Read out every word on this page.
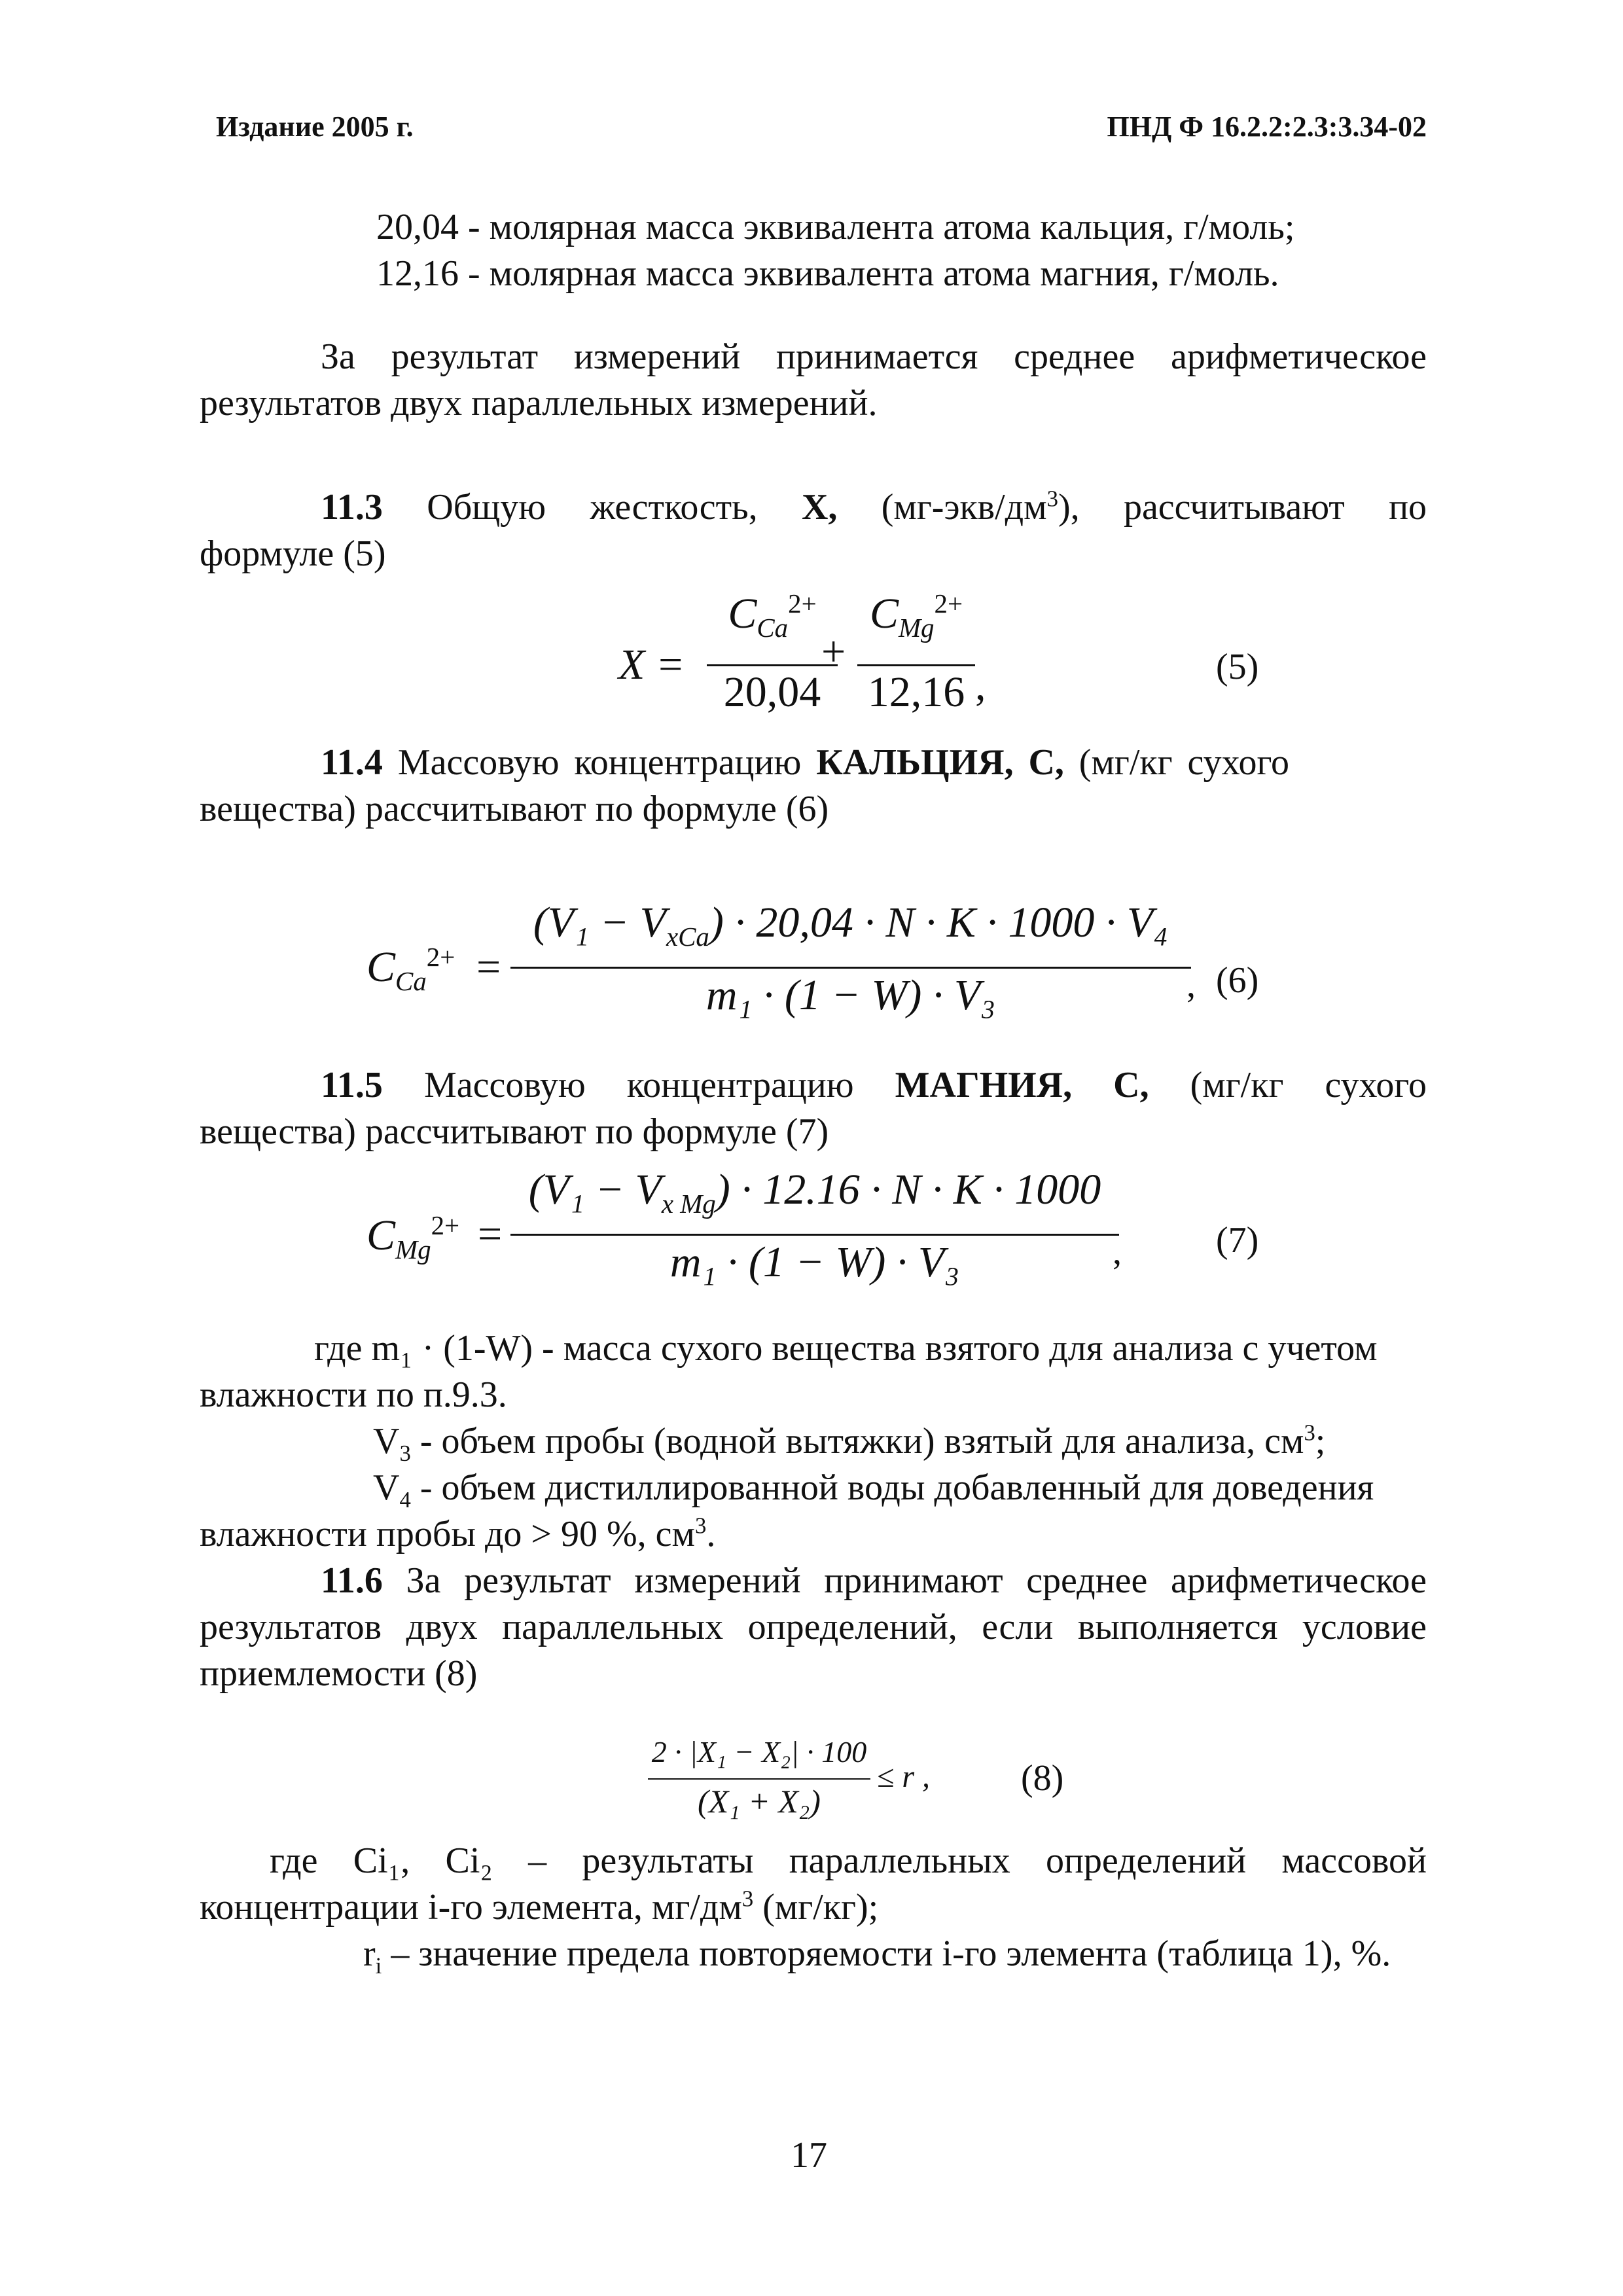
Издание 2005 г.	ПНД Ф 16.2.2:2.3:3.34-02
20,04 - молярная масса эквивалента атома кальция, г/моль;
12,16 - молярная масса эквивалента атома магния, г/моль.
За результат измерений принимается среднее арифметическое
результатов двух параллельных измерений.
11.3 Общую жесткость, X, $(мг-экв/дм^3)$, рассчитывают по
формуле (5)
X =
$C_{Ca}^{2+}$
20,04
+
$C_{Mg}^{2+}$
12,16 ,	(5)
11.4 Массовую концентрацию КАЛЬЦИЯ, С, (мг/кг сухого
вещества) рассчитывают по формуле (6)
$C_{Ca}^{2+}$ =
$(V_1 - V_{xCa}) \cdot 20,04 \cdot N \cdot K \cdot 1000 \cdot V_4$
m₁ · (1 − W) · V₃	, (6)
11.5 Массовую концентрацию МАГНИЯ, С, (мг/кг сухого
вещества) рассчитывают по формуле (7)
$C_{Mg}^{2+}$ =
$(V_1 - V_{x Mg}) \cdot 12.16 \cdot N \cdot K \cdot 1000$
m₁ · (1 − W) · V₃	,	(7)
где m₁ · (1-W) - масса сухого вещества взятого для анализа с учетом
влажности по п.9.3.
$V_3$ - объем пробы (водной вытяжки) взятый для анализа, $см^3$;
$V_4$ - объем дистиллированной воды добавленный для доведения
влажности пробы до > 90 %, $см^3$.
11.6 За результат измерений принимают среднее арифметическое
результатов двух параллельных определений, если выполняется условие
приемлемости (8)
2 · |X₁ − X₂| · 100
(X₁ + X₂)
≤ r , (8)
где Ci₁, Ci₂ – результаты параллельных определений массовой
концентрации i-го элемента, $мг/дм^3$ (мг/кг);
$r_i$ – значение предела повторяемости i-го элемента (таблица 1), %.
17
